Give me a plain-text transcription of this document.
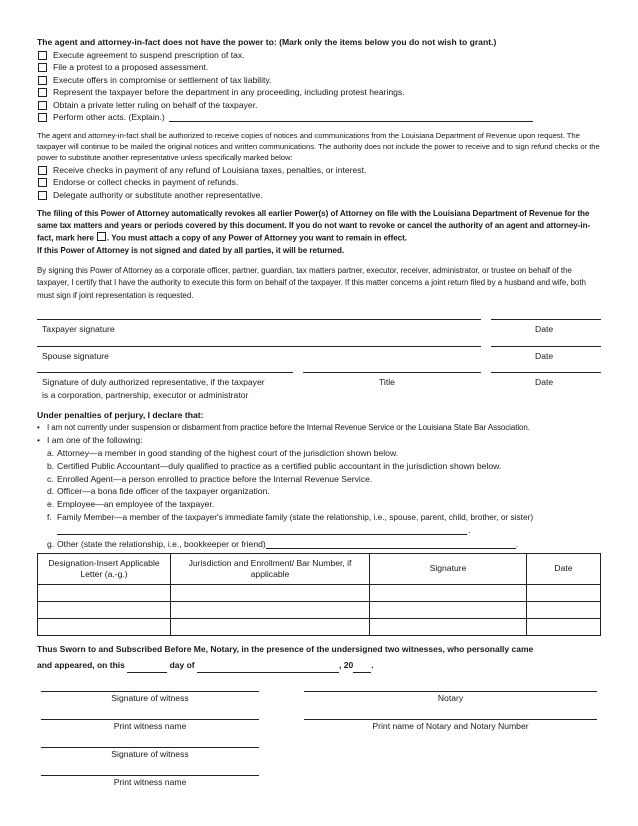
The agent and attorney-in-fact does not have the power to: (Mark only the items below you do not wish to grant.)
Execute agreement to suspend prescription of tax.
File a protest to a proposed assessment.
Execute offers in compromise or settlement of tax liability.
Represent the taxpayer before the department in any proceeding, including protest hearings.
Obtain a private letter ruling on behalf of the taxpayer.
Perform other acts. (Explain.)
The agent and attorney-in-fact shall be authorized to receive copies of notices and communications from the Louisiana Department of Revenue upon request. The taxpayer will continue to be mailed the original notices and written communications. The authority does not include the power to receive and to sign refund checks or the power to substitute another representative unless specifically marked below:
Receive checks in payment of any refund of Louisiana taxes, penalties, or interest.
Endorse or collect checks in payment of refunds.
Delegate authority or substitute another representative.
The filing of this Power of Attorney automatically revokes all earlier Power(s) of Attorney on file with the Louisiana Department of Revenue for the same tax matters and years or periods covered by this document. If you do not want to revoke or cancel the authority of an agent and attorney-in-fact, mark here . You must attach a copy of any Power of Attorney you want to remain in effect.
If this Power of Attorney is not signed and dated by all parties, it will be returned.
By signing this Power of Attorney as a corporate officer, partner, guardian, tax matters partner, executor, receiver, administrator, or trustee on behalf of the taxpayer, I certify that I have the authority to execute this form on behalf of the taxpayer. If this matter concerns a joint return filed by a husband and wife, both must sign if joint representation is requested.
Taxpayer signature	Date
Spouse signature	Date
Signature of duly authorized representative, if the taxpayer
is a corporation, partnership, executor or administrator
Title	Date
Under penalties of perjury, I declare that:
• I am not currently under suspension or disbarment from practice before the Internal Revenue Service or the Louisiana State Bar Association.
• I am one of the following:
a. Attorney—a member in good standing of the highest court of the jurisdiction shown below.
b. Certified Public Accountant—duly qualified to practice as a certified public accountant in the jurisdiction shown below.
c. Enrolled Agent—a person enrolled to practice before the Internal Revenue Service.
d. Officer—a bona fide officer of the taxpayer organization.
e. Employee—an employee of the taxpayer.
f. Family Member—a member of the taxpayer's immediate family (state the relationship, i.e., spouse, parent, child, brother, or sister)
.
g. Other (state the relationship, i.e., bookkeeper or friend)	.
Designation-Insert Applicable Letter (a.-g.)	Jurisdiction and Enrollment/ Bar Number, if applicable	Signature	Date

Thus Sworn to and Subscribed Before Me, Notary, in the presence of the undersigned two witnesses, who personally came
and appeared, on this	day of	, 20 .
Signature of witness	Notary
Print witness name	Print name of Notary and Notary Number
Signature of witness
Print witness name
